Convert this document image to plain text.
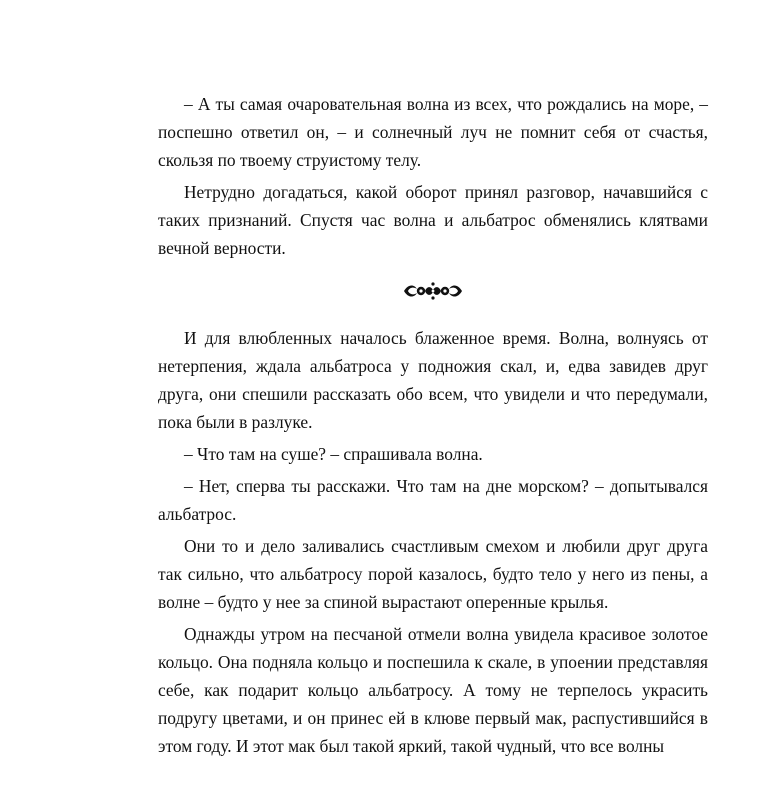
– А ты самая очаровательная волна из всех, что рождались на море, – поспешно ответил он, – и солнечный луч не помнит себя от счастья, скользя по твоему струистому телу.

Нетрудно догадаться, какой оборот принял разговор, начавшийся с таких признаний. Спустя час волна и альбатрос обменялись клятвами вечной верности.

И для влюбленных началось блаженное время. Волна, волнуясь от нетерпения, ждала альбатроса у подножия скал, и, едва завидев друг друга, они спешили рассказать обо всем, что увидели и что передумали, пока были в разлуке.

– Что там на суше? – спрашивала волна.

– Нет, сперва ты расскажи. Что там на дне морском? – допытывался альбатрос.

Они то и дело заливались счастливым смехом и любили друг друга так сильно, что альбатросу порой казалось, будто тело у него из пены, а волне – будто у нее за спиной вырастают оперенные крылья.

Однажды утром на песчаной отмели волна увидела красивое золотое кольцо. Она подняла кольцо и поспешила к скале, в упоении представляя себе, как подарит кольцо альбатросу. А тому не терпелось украсить подругу цветами, и он принес ей в клюве первый мак, распустившийся в этом году. И этот мак был такой яркий, такой чудный, что все волны
